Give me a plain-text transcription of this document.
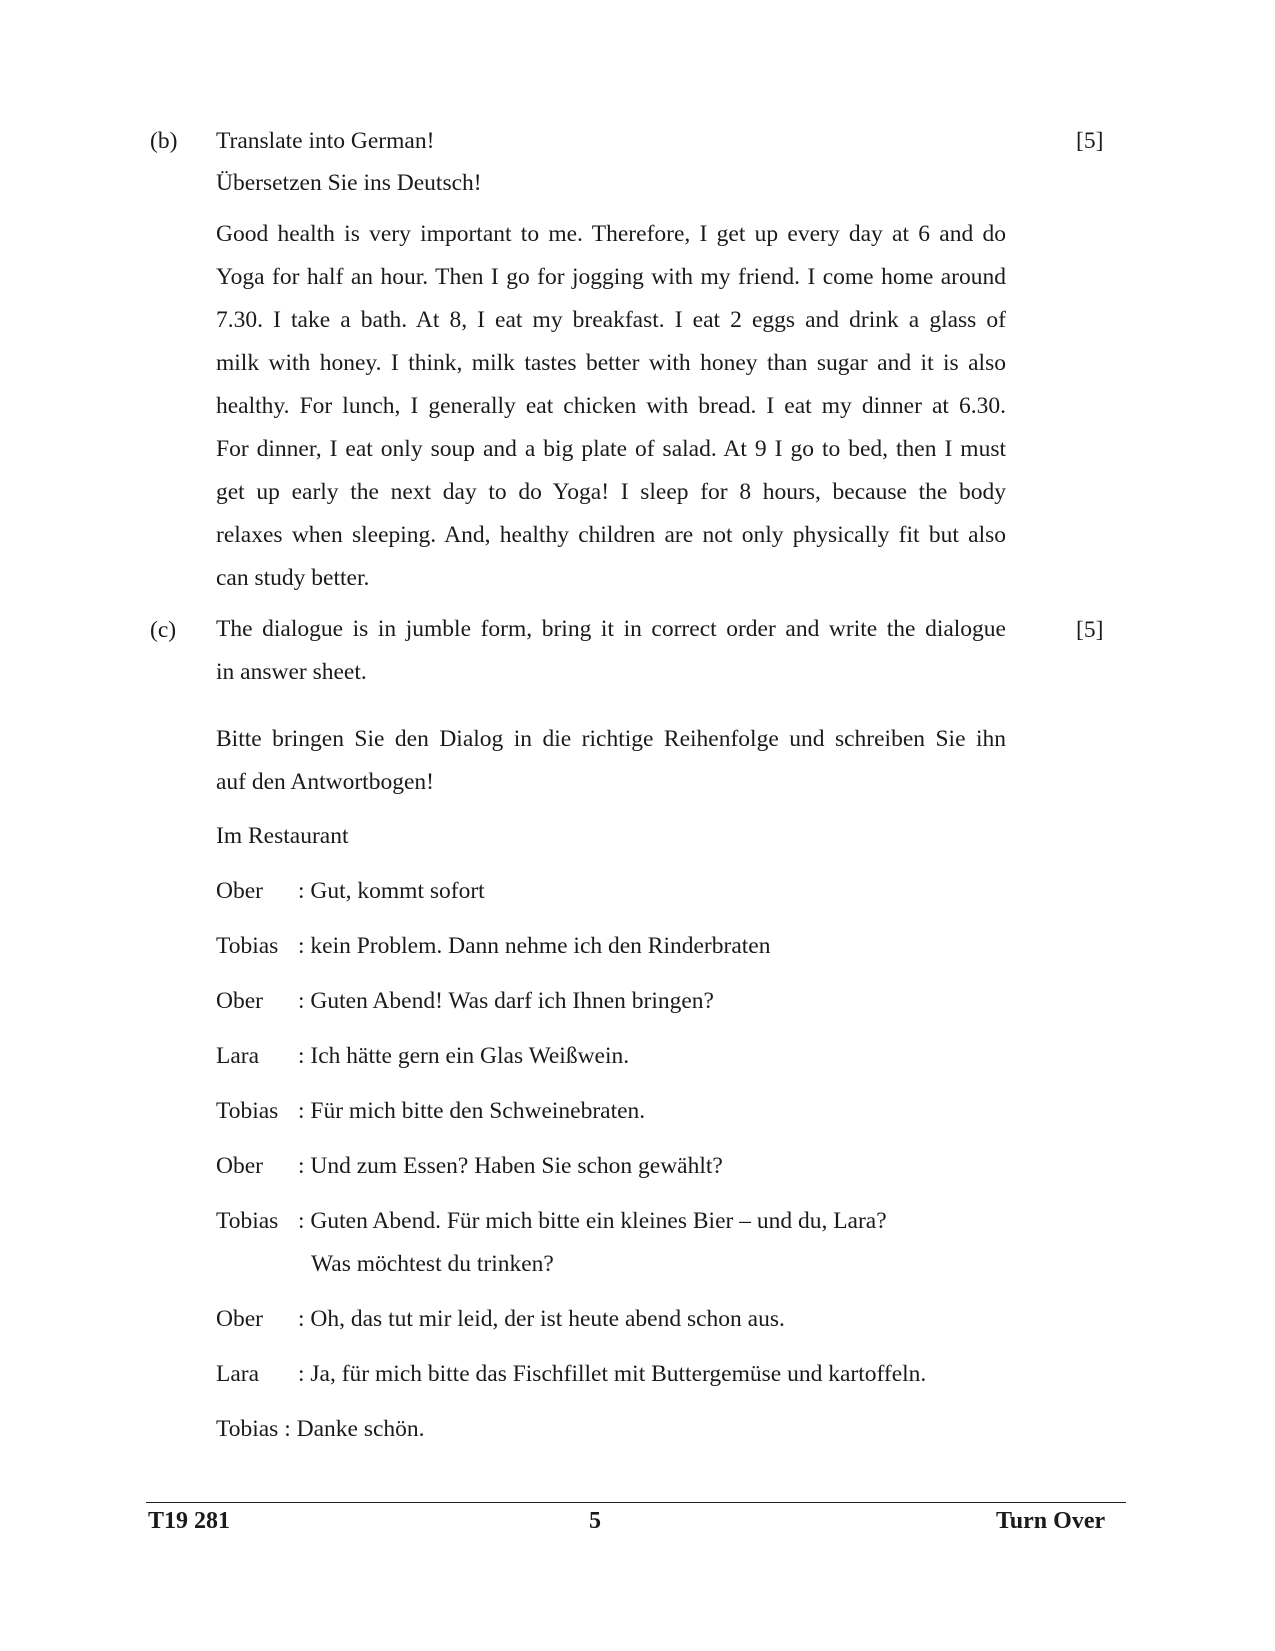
(b) Translate into German!	[5]
Übersetzen Sie ins Deutsch!
Good health is very important to me. Therefore, I get up every day at 6 and do
Yoga for half an hour. Then I go for jogging with my friend. I come home around
7.30. I take a bath. At 8, I eat my breakfast. I eat 2 eggs and drink a glass of
milk with honey. I think, milk tastes better with honey than sugar and it is also
healthy. For lunch, I generally eat chicken with bread. I eat my dinner at 6.30.
For dinner, I eat only soup and a big plate of salad. At 9 I go to bed, then I must
get up early the next day to do Yoga! I sleep for 8 hours, because the body
relaxes when sleeping. And, healthy children are not only physically fit but also
can study better.
(c)	[5]
The dialogue is in jumble form, bring it in correct order and write the dialogue
in answer sheet.
Bitte bringen Sie den Dialog in die richtige Reihenfolge und schreiben Sie ihn
auf den Antwortbogen!
Im Restaurant
Ober : Gut, kommt sofort
Tobias : kein Problem. Dann nehme ich den Rinderbraten
Ober : Guten Abend! Was darf ich Ihnen bringen?
Lara : Ich hätte gern ein Glas Weißwein.
Tobias : Für mich bitte den Schweinebraten.
Ober : Und zum Essen? Haben Sie schon gewählt?
Tobias : Guten Abend. Für mich bitte ein kleines Bier – und du, Lara?
Was möchtest du trinken?
Ober : Oh, das tut mir leid, der ist heute abend schon aus.
Lara : Ja, für mich bitte das Fischfillet mit Buttergemüse und kartoffeln.
Tobias : Danke schön.
T19 281	5	Turn Over
